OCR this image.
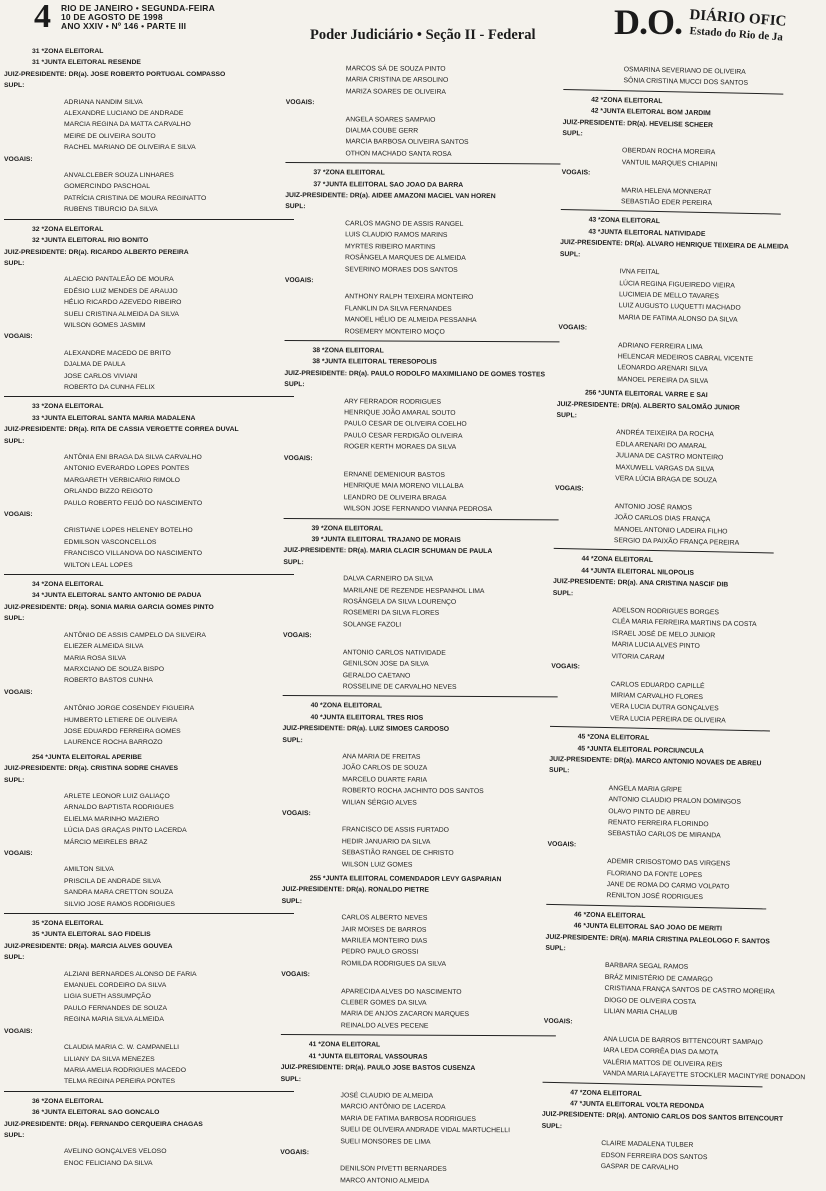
4 RIO DE JANEIRO • SEGUNDA-FEIRA
10 DE AGOSTO DE 1998
ANO XXIV • Nº 146 • PARTE III
Poder Judiciário • Seção II - Federal D.O. DIÁRIO OFIC
Estado do Rio de Ja
31 *ZONA ELEITORAL
31 *JUNTA ELEITORAL RESENDE
JUIZ-PRESIDENTE: DR(a). JOSE ROBERTO PORTUGAL COMPASSO
SUPL:
ADRIANA NANDIM SILVA
ALEXANDRE LUCIANO DE ANDRADE
MARCIA REGINA DA MATTA CARVALHO
MEIRE DE OLIVEIRA SOUTO
RACHEL MARIANO DE OLIVEIRA E SILVA
VOGAIS:
ANVALCLEBER SOUZA LINHARES
GOMERCINDO PASCHOAL
PATRÍCIA CRISTINA DE MOURA REGINATTO
RUBENS TIBURCIO DA SILVA
32 *ZONA ELEITORAL
32 *JUNTA ELEITORAL RIO BONITO
JUIZ-PRESIDENTE: DR(a). RICARDO ALBERTO PEREIRA
SUPL:
ALAECIO PANTALEÃO DE MOURA
EDÉSIO LUIZ MENDES DE ARAUJO
HÉLIO RICARDO AZEVEDO RIBEIRO
SUELI CRISTINA ALMEIDA DA SILVA
WILSON GOMES JASMIM
VOGAIS:
ALEXANDRE MACEDO DE BRITO
DJALMA DE PAULA
JOSE CARLOS VIVIANI
ROBERTO DA CUNHA FELIX
33 *ZONA ELEITORAL
33 *JUNTA ELEITORAL SANTA MARIA MADALENA
JUIZ-PRESIDENTE: DR(a). RITA DE CASSIA VERGETTE CORREA DUVAL
SUPL:
ANTÔNIA ENI BRAGA DA SILVA CARVALHO
ANTONIO EVERARDO LOPES PONTES
MARGARETH VERBICARIO RIMOLO
ORLANDO BIZZO REIGOTO
PAULO ROBERTO FEIJÓ DO NASCIMENTO
VOGAIS:
CRISTIANE LOPES HELENEY BOTELHO
EDMILSON VASCONCELLOS
FRANCISCO VILLANOVA DO NASCIMENTO
WILTON LEAL LOPES
34 *ZONA ELEITORAL
34 *JUNTA ELEITORAL SANTO ANTONIO DE PADUA
JUIZ-PRESIDENTE: DR(a). SONIA MARIA GARCIA GOMES PINTO
SUPL:
ANTÔNIO DE ASSIS CAMPELO DA SILVEIRA
ELIEZER ALMEIDA SILVA
MARIA ROSA SILVA
MARXCIANO DE SOUZA BISPO
ROBERTO BASTOS CUNHA
VOGAIS:
ANTÔNIO JORGE COSENDEY FIGUEIRA
HUMBERTO LETIERE DE OLIVEIRA
JOSE EDUARDO FERREIRA GOMES
LAURENCE ROCHA BARROZO
254 *JUNTA ELEITORAL APERIBE
JUIZ-PRESIDENTE: DR(a). CRISTINA SODRE CHAVES
SUPL:
ARLETE LEONOR LUIZ GALIAÇO
ARNALDO BAPTISTA RODRIGUES
ELIELMA MARINHO MAZIERO
LÚCIA DAS GRAÇAS PINTO LACERDA
MÁRCIO MEIRELES BRAZ
VOGAIS:
AMILTON SILVA
PRISCILA DE ANDRADE SILVA
SANDRA MARA CRETTON SOUZA
SILVIO JOSE RAMOS RODRIGUES
35 *ZONA ELEITORAL
35 *JUNTA ELEITORAL SAO FIDELIS
JUIZ-PRESIDENTE: DR(a). MARCIA ALVES GOUVEA
SUPL:
ALZIANI BERNARDES ALONSO DE FARIA
EMANUEL CORDEIRO DA SILVA
LIGIA SUETH ASSUMPÇÃO
PAULO FERNANDES DE SOUZA
REGINA MARIA SILVA ALMEIDA
VOGAIS:
CLAUDIA MARIA C. W. CAMPANELLI
LILIANY DA SILVA MENEZES
MARIA AMELIA RODRIGUES MACEDO
TELMA REGINA PEREIRA PONTES
36 *ZONA ELEITORAL
36 *JUNTA ELEITORAL SAO GONCALO
JUIZ-PRESIDENTE: DR(a). FERNANDO CERQUEIRA CHAGAS
SUPL:
AVELINO GONÇALVES VELOSO
ENOC FELICIANO DA SILVA
MARCOS SÁ DE SOUZA PINTO
MARIA CRISTINA DE ARSOLINO
MARIZA SOARES DE OLIVEIRA
VOGAIS:
ANGELA SOARES SAMPAIO
DIALMA COUBE GERR
MARCIA BARBOSA OLIVEIRA SANTOS
OTHON MACHADO SANTA ROSA
37 *ZONA ELEITORAL
37 *JUNTA ELEITORAL SAO JOAO DA BARRA
JUIZ-PRESIDENTE: DR(a). AIDEE AMAZONI MACIEL VAN HOREN
SUPL:
CARLOS MAGNO DE ASSIS RANGEL
LUIS CLAUDIO RAMOS MARINS
MYRTES RIBEIRO MARTINS
ROSÂNGELA MARQUES DE ALMEIDA
SEVERINO MORAES DOS SANTOS
VOGAIS:
ANTHONY RALPH TEIXEIRA MONTEIRO
FLANKLIN DA SILVA FERNANDES
MANOEL HÉLIO DE ALMEIDA PESSANHA
ROSEMERY MONTEIRO MOÇO
38 *ZONA ELEITORAL
38 *JUNTA ELEITORAL TERESOPOLIS
JUIZ-PRESIDENTE: DR(a). PAULO RODOLFO MAXIMILIANO DE GOMES TOSTES
SUPL:
ARY FERRADOR RODRIGUES
HENRIQUE JOÃO AMARAL SOUTO
PAULO CESAR DE OLIVEIRA COELHO
PAULO CESAR FERDIGÃO OLIVEIRA
ROGER KERTH MORAES DA SILVA
VOGAIS:
ERNANE DEMENIOUR BASTOS
HENRIQUE MAIA MORENO VILLALBA
LEANDRO DE OLIVEIRA BRAGA
WILSON JOSE FERNANDO VIANNA PEDROSA
39 *ZONA ELEITORAL
39 *JUNTA ELEITORAL TRAJANO DE MORAIS
JUIZ-PRESIDENTE: DR(a). MARIA CLACIR SCHUMAN DE PAULA
SUPL:
DALVA CARNEIRO DA SILVA
MARILANE DE REZENDE HESPANHOL LIMA
ROSÂNGELA DA SILVA LOURENÇO
ROSEMERI DA SILVA FLORES
SOLANGE FAZOLI
VOGAIS:
ANTONIO CARLOS NATIVIDADE
GENILSON JOSE DA SILVA
GERALDO CAETANO
ROSSELINE DE CARVALHO NEVES
40 *ZONA ELEITORAL
40 *JUNTA ELEITORAL TRES RIOS
JUIZ-PRESIDENTE: DR(a). LUIZ SIMOES CARDOSO
SUPL:
ANA MARIA DE FREITAS
JOÃO CARLOS DE SOUZA
MARCELO DUARTE FARIA
ROBERTO ROCHA JACHINTO DOS SANTOS
WILIAN SÉRGIO ALVES
VOGAIS:
FRANCISCO DE ASSIS FURTADO
HEDIR JANUARIO DA SILVA
SEBASTIÃO RANGEL DE CHRISTO
WILSON LUIZ GOMES
255 *JUNTA ELEITORAL COMENDADOR LEVY GASPARIAN
JUIZ-PRESIDENTE: DR(a). RONALDO PIETRE
SUPL:
CARLOS ALBERTO NEVES
JAIR MOISES DE BARROS
MARILEA MONTEIRO DIAS
PEDRO PAULO GROSSI
ROMILDA RODRIGUES DA SILVA
VOGAIS:
APARECIDA ALVES DO NASCIMENTO
CLEBER GOMES DA SILVA
MARIA DE ANJOS ZACARON MARQUES
REINALDO ALVES PECENE
41 *ZONA ELEITORAL
41 *JUNTA ELEITORAL VASSOURAS
JUIZ-PRESIDENTE: DR(a). PAULO JOSE BASTOS CUSENZA
SUPL:
JOSÉ CLAUDIO DE ALMEIDA
MARCIO ANTÔNIO DE LACERDA
MARIA DE FATIMA BARBOSA RODRIGUES
SUELI DE OLIVEIRA ANDRADE VIDAL MARTUCHELLI
SUELI MONSORES DE LIMA
VOGAIS:
DENILSON PIVETTI BERNARDES
MARCO ANTONIO ALMEIDA
OSMARINA SEVERIANO DE OLIVEIRA
SÔNIA CRISTINA MUCCI DOS SANTOS
42 *ZONA ELEITORAL
42 *JUNTA ELEITORAL BOM JARDIM
JUIZ-PRESIDENTE: DR(a). HEVELISE SCHEER
SUPL:
OBERDAN ROCHA MOREIRA
VANTUIL MARQUES CHIAPINI
VOGAIS:
MARIA HELENA MONNERAT
SEBASTIÃO EDER PEREIRA
43 *ZONA ELEITORAL
43 *JUNTA ELEITORAL NATIVIDADE
JUIZ-PRESIDENTE: DR(a). ALVARO HENRIQUE TEIXEIRA DE ALMEIDA
SUPL:
IVNA FEITAL
LÚCIA REGINA FIGUEIREDO VIEIRA
LUCIMEIA DE MELLO TAVARES
LUIZ AUGUSTO LUQUETTI MACHADO
MARIA DE FATIMA ALONSO DA SILVA
VOGAIS:
ADRIANO FERREIRA LIMA
HELENCAR MEDEIROS CABRAL VICENTE
LEONARDO ARENARI SILVA
MANOEL PEREIRA DA SILVA
256 *JUNTA ELEITORAL VARRE E SAI
JUIZ-PRESIDENTE: DR(a). ALBERTO SALOMÃO JUNIOR
SUPL:
ANDRÉA TEIXEIRA DA ROCHA
EDLA ARENARI DO AMARAL
JULIANA DE CASTRO MONTEIRO
MAXUWELL VARGAS DA SILVA
VERA LÚCIA BRAGA DE SOUZA
VOGAIS:
ANTONIO JOSÉ RAMOS
JOÃO CARLOS DIAS FRANÇA
MANOEL ANTONIO LADEIRA FILHO
SERGIO DA PAIXÃO FRANÇA PEREIRA
44 *ZONA ELEITORAL
44 *JUNTA ELEITORAL NILOPOLIS
JUIZ-PRESIDENTE: DR(a). ANA CRISTINA NASCIF DIB
SUPL:
ADELSON RODRIGUES BORGES
CLÉA MARIA FERREIRA MARTINS DA COSTA
ISRAEL JOSÉ DE MELO JUNIOR
MARIA LUCIA ALVES PINTO
VITORIA CARAM
VOGAIS:
CARLOS EDUARDO CAPILLÉ
MIRIAM CARVALHO FLORES
VERA LUCIA DUTRA GONÇALVES
VERA LUCIA PEREIRA DE OLIVEIRA
45 *ZONA ELEITORAL
45 *JUNTA ELEITORAL PORCIUNCULA
JUIZ-PRESIDENTE: DR(a). MARCO ANTONIO NOVAES DE ABREU
SUPL:
ANGELA MARIA GRIPE
ANTONIO CLAUDIO PRALON DOMINGOS
OLAVO PINTO DE ABREU
RENATO FERREIRA FLORINDO
SEBASTIÃO CARLOS DE MIRANDA
VOGAIS:
ADEMIR CRISOSTOMO DAS VIRGENS
FLORIANO DA FONTE LOPES
JANE DE ROMA DO CARMO VOLPATO
RENILTON JOSÉ RODRIGUES
46 *ZONA ELEITORAL
46 *JUNTA ELEITORAL SAO JOAO DE MERITI
JUIZ-PRESIDENTE: DR(a). MARIA CRISTINA PALEOLOGO F. SANTOS
SUPL:
BARBARA SEGAL RAMOS
BRÁZ MINISTÉRIO DE CAMARGO
CRISTIANA FRANÇA SANTOS DE CASTRO MOREIRA
DIOGO DE OLIVEIRA COSTA
LILIAN MARIA CHALUB
VOGAIS:
ANA LUCIA DE BARROS BITTENCOURT SAMPAIO
IARA LEDA CORRÊA DIAS DA MOTA
VALÉRIA MATTOS DE OLIVEIRA REIS
VANDA MARIA LAFAYETTE STOCKLER MACINTYRE DONADON
47 *ZONA ELEITORAL
47 *JUNTA ELEITORAL VOLTA REDONDA
JUIZ-PRESIDENTE: DR(a). ANTONIO CARLOS DOS SANTOS BITENCOURT
SUPL:
CLAIRE MADALENA TULBER
EDSON FERREIRA DOS SANTOS
GASPAR DE CARVALHO
